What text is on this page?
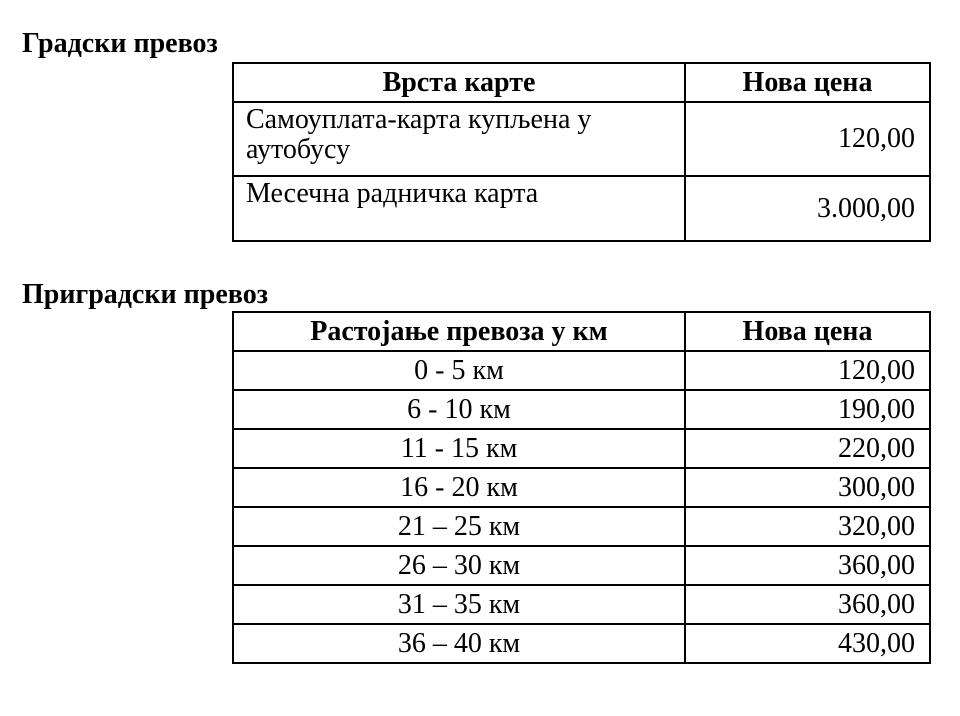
Градски превоз
Врста карте	Нова цена
Самоуплата-карта купљена у аутобусу	120,00
Месечна радничка карта	3.000,00
Приградски превоз
Растојање превоза у км	Нова цена
0 - 5 км	120,00
6 - 10 км	190,00
11 - 15 км	220,00
16 - 20 км	300,00
21 – 25 км	320,00
26 – 30 км	360,00
31 – 35 км	360,00
36 – 40 км	430,00
